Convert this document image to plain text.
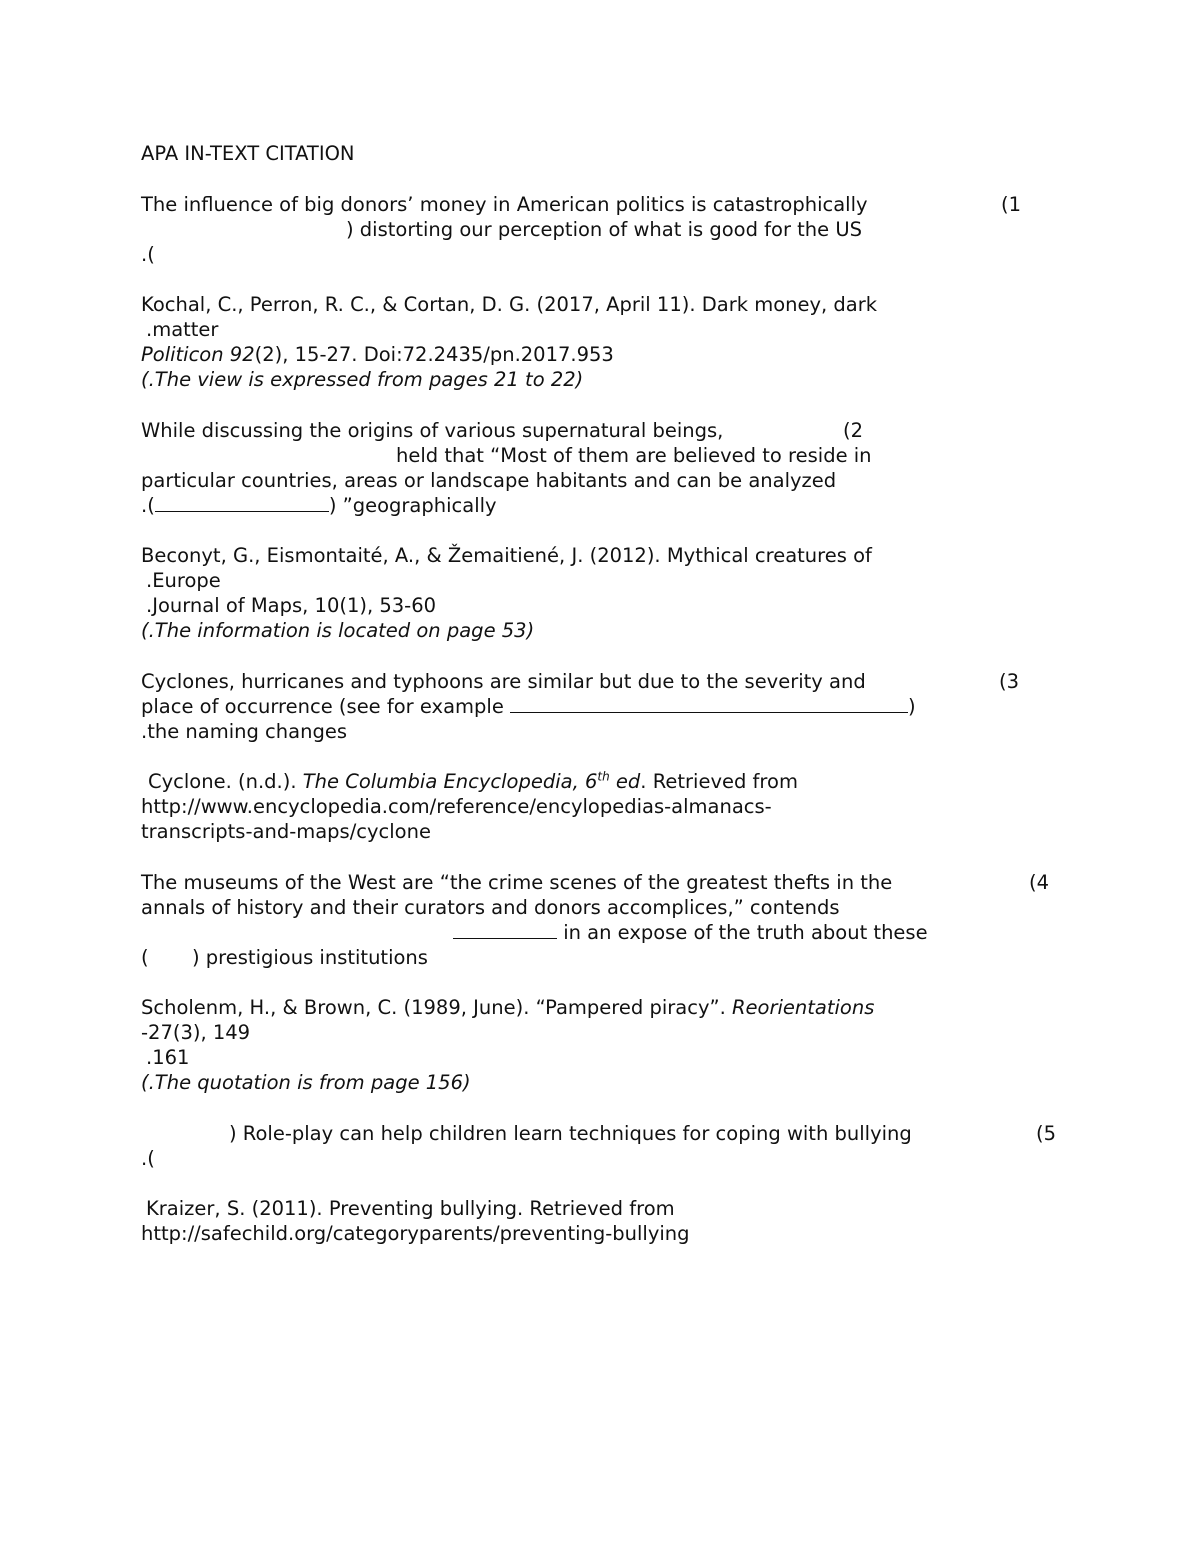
APA IN-TEXT CITATION
The influence of big donors’ money in American politics is catastrophically	(1
) distorting our perception of what is good for the US
.(
Kochal, C., Perron, R. C., & Cortan, D. G. (2017, April 11). Dark money, dark
.matter
Politicon 92(2), 15-27. Doi:72.2435/pn.2017.953
(.The view is expressed from pages 21 to 22)
While discussing the origins of various supernatural beings,	(2
held that “Most of them are believed to reside in
particular countries, areas or landscape habitants and can be analyzed
.(	) ”geographically
Beconyt, G., Eismontaité, A., & Žemaitiené, J. (2012). Mythical creatures of
.Europe
.Journal of Maps, 10(1), 53-60
(.The information is located on page 53)
Cyclones, hurricanes and typhoons are similar but due to the severity and	(3
place of occurrence (see for example	)
.the naming changes
Cyclone. (n.d.). The Columbia Encyclopedia, 6th ed. Retrieved from
http://www.encyclopedia.com/reference/encylopedias-almanacs-
transcripts-and-maps/cyclone
The museums of the West are “the crime scenes of the greatest thefts in the	(4
annals of history and their curators and donors accomplices,” contends
in an expose of the truth about these
(       ) prestigious institutions
Scholenm, H., & Brown, C. (1989, June). “Pampered piracy”. Reorientations
-27(3), 149
.161
(.The quotation is from page 156)
) Role-play can help children learn techniques for coping with bullying	(5
.(
Kraizer, S. (2011). Preventing bullying. Retrieved from
http://safechild.org/categoryparents/preventing-bullying
